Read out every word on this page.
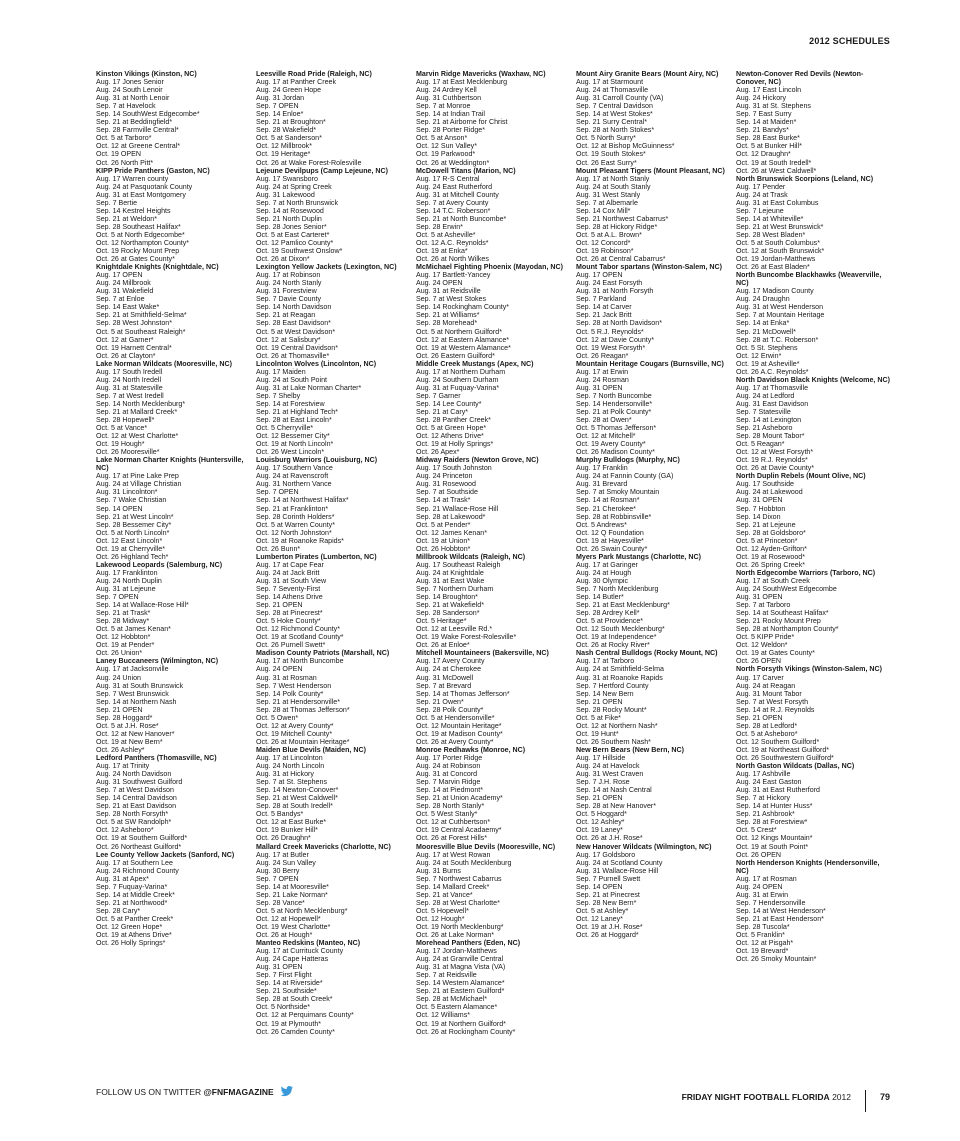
2012 SCHEDULES
Kinston Vikings (Kinston, NC)
Aug. 17 Jones Senior
Aug. 24 South Lenoir
Aug. 31 at North Lenoir
Sep. 7 at Havelock
Sep. 14 SouthWest Edgecombe*
Sep. 21 at Beddingfield*
Sep. 28 Farmville Central*
Oct. 5 at Tarboro*
Oct. 12 at Greene Central*
Oct. 19 OPEN
Oct. 26 North Pitt*
KIPP Pride Panthers (Gaston, NC)
Aug. 17 Warren county
Aug. 24 at Pasquotank County
Aug. 31 at East Montgomery
Sep. 7 Bertie
Sep. 14 Kestrel Heights
Sep. 21 at Weldon*
Sep. 28 Southeast Halifax*
Oct. 5 at North Edgecombe*
Oct. 12 Northampton County*
Oct. 19 Rocky Mount Prep
Oct. 26 at Gates County*
Knightdale Knights (Knightdale, NC)
Aug. 17 OPEN
Aug. 24 Millbrook
Aug. 31 Wakefield
Sep. 7 at Enloe
Sep. 14 East Wake*
Sep. 21 at Smithfield-Selma*
Sep. 28 West Johnston*
Oct. 5 at Southeast Raleigh*
Oct. 12 at Garner*
Oct. 19 Harnett Central*
Oct. 26 at Clayton*
Lake Norman Wildcats (Mooresville, NC)
Aug. 17 South Iredell
Aug. 24 North Iredell
Aug. 31 at Statesville
Sep. 7 at West Iredell
Sep. 14 North Mecklenburg*
Sep. 21 at Mallard Creek*
Sep. 28 Hopewell*
Oct. 5 at Vance*
Oct. 12 at West Charlotte*
Oct. 19 Hough*
Oct. 26 Mooresville*
Lake Norman Charter Knights (Huntersville, NC)
Aug. 17 at Pine Lake Prep
Aug. 24 at Village Christian
Aug. 31 Lincolnton*
Sep. 7 Wake Christian
Sep. 14 OPEN
Sep. 21 at West Lincoln*
Sep. 28 Bessemer City*
Oct. 5 at North Lincoln*
Oct. 12 East Lincoln*
Oct. 19 at Cherryville*
Oct. 26 Highland Tech*
Lakewood Leopards (Salemburg, NC)
Aug. 17 Franklinton
Aug. 24 North Duplin
Aug. 31 at Lejeune
Sep. 7 OPEN
Sep. 14 at Wallace-Rose Hill*
Sep. 21 at Trask*
Sep. 28 Midway*
Oct. 5 at James Kenan*
Oct. 12 Hobbton*
Oct. 19 at Pender*
Oct. 26 Union*
Laney Buccaneers (Wilmington, NC)
Aug. 17 at Jacksonville
Aug. 24 Union
Aug. 31 at South Brunswick
Sep. 7 West Brunswick
Sep. 14 at Northern Nash
Sep. 21 OPEN
Sep. 28 Hoggard*
Oct. 5 at J.H. Rose*
Oct. 12 at New Hanover*
Oct. 19 at New Bern*
Oct. 26 Ashley*
Ledford Panthers (Thomasville, NC)
Aug. 17 at Trinity
Aug. 24 North Davidson
Aug. 31 Southwest Guilford
Sep. 7 at West Davidson
Sep. 14 Central Davidson
Sep. 21 at East Davidson
Sep. 28 North Forsyth*
Oct. 5 at SW Randolph*
Oct. 12 Asheboro*
Oct. 19 at Southern Guilford*
Oct. 26 Northeast Guilford*
Lee County Yellow Jackets (Sanford, NC)
Aug. 17 at Southern Lee
Aug. 24 Richmond County
Aug. 31 at Apex*
Sep. 7 Fuquay-Varina*
Sep. 14 at Middle Creek*
Sep. 21 at Northwood*
Sep. 28 Cary*
Oct. 5 at Panther Creek*
Oct. 12 Green Hope*
Oct. 19 at Athens Drive*
Oct. 26 Holly Springs*
Leesville Road Pride (Raleigh, NC)
Aug. 17 at Panther Creek
Aug. 24 Green Hope
Aug. 31 Jordan
Sep. 7 OPEN
Sep. 14 Enloe*
Sep. 21 at Broughton*
Sep. 28 Wakefield*
Oct. 5 at Sanderson*
Oct. 12 Millbrook*
Oct. 19 Heritage*
Oct. 26 at Wake Forest-Rolesville
Lejeune Devilpups (Camp Lejeune, NC)
Aug. 17 Swansboro
Aug. 24 at Spring Creek
Aug. 31 Lakewood
Sep. 7 at North Brunswick
Sep. 14 at Rosewood
Sep. 21 North Duplin
Sep. 28 Jones Senior*
Oct. 5 at East Carteret*
Oct. 12 Pamlico County*
Oct. 19 Southwest Onslow*
Oct. 26 at Dixon*
Lexington Yellow Jackets (Lexington, NC)
Aug. 17 at Robinson
Aug. 24 North Stanly
Aug. 31 Forestview
Sep. 7 Davie County
Sep. 14 North Davidson
Sep. 21 at Reagan
Sep. 28 East Davidson*
Oct. 5 at West Davidson*
Oct. 12 at Salisbury*
Oct. 19 Central Davidson*
Oct. 26 at Thomasville*
Lincolnton Wolves (Lincolnton, NC)
Aug. 17 Maiden
Aug. 24 at South Point
Aug. 31 at Lake Norman Charter*
Sep. 7 Shelby
Sep. 14 at Forestview
Sep. 21 at Highland Tech*
Sep. 28 at East Lincoln*
Oct. 5 Cherryville*
Oct. 12 Bessemer City*
Oct. 19 at North Lincoln*
Oct. 26 West Lincoln*
Louisburg Warriors (Louisburg, NC)
Aug. 17 Southern Vance
Aug. 24 at Ravenscroft
Aug. 31 Northern Vance
Sep. 7 OPEN
Sep. 14 at Northwest Halifax*
Sep. 21 at Franklinton*
Sep. 28 Corinth Holders*
Oct. 5 at Warren County*
Oct. 12 North Johnston*
Oct. 19 at Roanoke Rapids*
Oct. 26 Bunn*
Lumberton Pirates (Lumberton, NC)
Aug. 17 at Cape Fear
Aug. 24 at Jack Britt
Aug. 31 at South View
Sep. 7 Seventy-First
Sep. 14 Athens Drive
Sep. 21 OPEN
Sep. 28 at Pinecrest*
Oct. 5 Hoke County*
Oct. 12 Richmond County*
Oct. 19 at Scotland County*
Oct. 26 Purnell Swett*
Madison County Patriots (Marshall, NC)
Aug. 17 at North Buncombe
Aug. 24 OPEN
Aug. 31 at Rosman
Sep. 7 West Henderson
Sep. 14 Polk County*
Sep. 21 at Hendersonville*
Sep. 28 at Thomas Jefferson*
Oct. 5 Owen*
Oct. 12 at Avery County*
Oct. 19 Mitchell County*
Oct. 26 at Mountain Heritage*
Maiden Blue Devils (Maiden, NC)
Aug. 17 at Lincolnton
Aug. 24 North Lincoln
Aug. 31 at Hickory
Sep. 7 at St. Stephens
Sep. 14 Newton-Conover*
Sep. 21 at West Caldwell*
Sep. 28 at South Iredell*
Oct. 5 Bandys*
Oct. 12 at East Burke*
Oct. 19 Bunker Hill*
Oct. 26 Draughn*
Mallard Creek Mavericks (Charlotte, NC)
Aug. 17 at Butler
Aug. 24 Sun Valley
Aug. 30 Berry
Sep. 7 OPEN
Sep. 14 at Mooresville*
Sep. 21 Lake Norman*
Sep. 28 Vance*
Oct. 5 at North Mecklenburg*
Oct. 12 at Hopewell*
Oct. 19 West Charlotte*
Oct. 26 at Hough*
Manteo Redskins (Manteo, NC)
Aug. 17 at Currituck County
Aug. 24 Cape Hatteras
Aug. 31 OPEN
Sep. 7 First Flight
Sep. 14 at Riverside*
Sep. 21 Southside*
Sep. 28 at South Creek*
Oct. 5 Northside*
Oct. 12 at Perquimans County*
Oct. 19 at Plymouth*
Oct. 26 Camden County*
Marvin Ridge Mavericks (Waxhaw, NC)
Aug. 17 at East Mecklenburg
Aug. 24 Ardrey Kell
Aug. 31 Cuthbertson
Sep. 7 at Monroe
Sep. 14 at Indian Trail
Sep. 21 at Airborne for Christ
Sep. 28 Porter Ridge*
Oct. 5 at Anson*
Oct. 12 Sun Valley*
Oct. 19 Parkwood*
Oct. 26 at Weddington*
McDowell Titans (Marion, NC)
Aug. 17 R-S Central
Aug. 24 East Rutherford
Aug. 31 at Mitchell County
Sep. 7 at Avery County
Sep. 14 T.C. Roberson*
Sep. 21 at North Buncombe*
Sep. 28 Erwin*
Oct. 5 at Asheville*
Oct. 12 A.C. Reynolds*
Oct. 19 at Enka*
Oct. 26 at North Wilkes
McMichael Fighting Phoenix (Mayodan, NC)
Aug. 17 Bartlett-Yancey
Aug. 24 OPEN
Aug. 31 at Reidsville
Sep. 7 at West Stokes
Sep. 14 Rockingham County*
Sep. 21 at Williams*
Sep. 28 Morehead*
Oct. 5 at Northern Guilford*
Oct. 12 at Eastern Alamance*
Oct. 19 at Western Alamance*
Oct. 26 Eastern Guilford*
Middle Creek Mustangs (Apex, NC)
Aug. 17 at Northern Durham
Aug. 24 Southern Durham
Aug. 31 at Fuquay-Varina*
Sep. 7 Garner
Sep. 14 Lee County*
Sep. 21 at Cary*
Sep. 28 Panther Creek*
Oct. 5 at Green Hope*
Oct. 12 Athens Drive*
Oct. 19 at Holly Springs*
Oct. 26 Apex*
Midway Raiders (Newton Grove, NC)
Aug. 17 South Johnston
Aug. 24 Princeton
Aug. 31 Rosewood
Sep. 7 at Southside
Sep. 14 at Trask*
Sep. 21 Wallace-Rose Hill
Sep. 28 at Lakewood*
Oct. 5 at Pender*
Oct. 12 James Kenan*
Oct. 19 at Union*
Oct. 26 Hobbton*
Millbrook Wildcats (Raleigh, NC)
Aug. 17 Southeast Raleigh
Aug. 24 at Knightdale
Aug. 31 at East Wake
Sep. 7 Northern Durham
Sep. 14 Broughton*
Sep. 21 at Wakefield*
Sep. 28 Sanderson*
Oct. 5 Heritage*
Oct. 12 at Leesville Rd.*
Oct. 19 Wake Forest-Rolesville*
Oct. 26 at Enloe*
Mitchell Mountaineers (Bakersville, NC)
Aug. 17 Avery County
Aug. 24 at Cherokee
Aug. 31 McDowell
Sep. 7 at Brevard
Sep. 14 at Thomas Jefferson*
Sep. 21 Owen*
Sep. 28 Polk County*
Oct. 5 at Hendersonville*
Oct. 12 Mountain Heritage*
Oct. 19 at Madison County*
Oct. 26 at Avery County*
Monroe Redhawks (Monroe, NC)
Aug. 17 Porter Ridge
Aug. 24 at Robinson
Aug. 31 at Concord
Sep. 7 Marvin Ridge
Sep. 14 at Piedmont*
Sep. 21 at Union Academy*
Sep. 28 North Stanly*
Oct. 5 West Stanly*
Oct. 12 at Cuthbertson*
Oct. 19 Central Acadaemy*
Oct. 26 at Forest Hills*
Mooresville Blue Devils (Mooresville, NC)
Aug. 17 at West Rowan
Aug. 24 at South Mecklenburg
Aug. 31 Burns
Sep. 7 Northwest Cabarrus
Sep. 14 Mallard Creek*
Sep. 21 at Vance*
Sep. 28 at West Charlotte*
Oct. 5 Hopewell*
Oct. 12 Hough*
Oct. 19 North Mecklenburg*
Oct. 26 at Lake Norman*
Morehead Panthers (Eden, NC)
Aug. 17 Jordan-Matthews
Aug. 24 at Granville Central
Aug. 31 at Magna Vista (VA)
Sep. 7 at Reidsville
Sep. 14 Western Alamance*
Sep. 21 at Eastern Guilford*
Sep. 28 at McMichael*
Oct. 5 Eastern Alamance*
Oct. 12 Williams*
Oct. 19 at Northern Guilford*
Oct. 26 at Rockingham County*
Mount Airy Granite Bears (Mount Airy, NC)
Aug. 17 at Starmount
Aug. 24 at Thomasville
Aug. 31 Carroll County (VA)
Sep. 7 Central Davidson
Sep. 14 at West Stokes*
Sep. 21 Surry Central*
Sep. 28 at North Stokes*
Oct. 5 North Surry*
Oct. 12 at Bishop McGuinness*
Oct. 19 South Stokes*
Oct. 26 East Surry*
Mount Pleasant Tigers (Mount Pleasant, NC)
Aug. 17 at North Stanly
Aug. 24 at South Stanly
Aug. 31 West Stanly
Sep. 7 at Albemarle
Sep. 14 Cox Mill*
Sep. 21 Northwest Cabarrus*
Sep. 28 at Hickory Ridge*
Oct. 5 at A.L. Brown*
Oct. 12 Concord*
Oct. 19 Robinson*
Oct. 26 at Central Cabarrus*
Mount Tabor spartans (Winston-Salem, NC)
Aug. 17 OPEN
Aug. 24 East Forsyth
Aug. 31 at North Forsyth
Sep. 7 Parkland
Sep. 14 at Carver
Sep. 21 Jack Britt
Sep. 28 at North Davidson*
Oct. 5 R.J. Reynolds*
Oct. 12 at Davie County*
Oct. 19 West Forsyth*
Oct. 26 Reagan*
Mountain Heritage Cougars (Burnsville, NC)
Aug. 17 at Erwin
Aug. 24 Rosman
Aug. 31 OPEN
Sep. 7 North Buncombe
Sep. 14 Hendersonville*
Sep. 21 at Polk County*
Sep. 28 at Owen*
Oct. 5 Thomas Jefferson*
Oct. 12 at Mitchell*
Oct. 19 Avery County*
Oct. 26 Madison County*
Murphy Bulldogs (Murphy, NC)
Aug. 17 Franklin
Aug. 24 at Fannin County (GA)
Aug. 31 Brevard
Sep. 7 at Smoky Mountain
Sep. 14 at Rosman*
Sep. 21 Cherokee*
Sep. 28 at Robbinsville*
Oct. 5 Andrews*
Oct. 12 Q Foundation
Oct. 19 at Hayesville*
Oct. 26 Swain County*
Myers Park Mustangs (Charlotte, NC)
Aug. 17 at Garinger
Aug. 24 at Hough
Aug. 30 Olympic
Sep. 7 North Mecklenburg
Sep. 14 Butler*
Sep. 21 at East Mecklenburg*
Sep. 28 Ardrey Kell*
Oct. 5 at Providence*
Oct. 12 South Mecklenburg*
Oct. 19 at Independence*
Oct. 26 at Rocky River*
Nash Central Bulldogs (Rocky Mount, NC)
Aug. 17 at Tarboro
Aug. 24 at Smithfield-Selma
Aug. 31 at Roanoke Rapids
Sep. 7 Hertford County
Sep. 14 New Bern
Sep. 21 OPEN
Sep. 28 Rocky Mount*
Oct. 5 at Fike*
Oct. 12 at Northern Nash*
Oct. 19 Hunt*
Oct. 26 Southern Nash*
New Bern Bears (New Bern, NC)
Aug. 17 Hillside
Aug. 24 at Havelock
Aug. 31 West Craven
Sep. 7 J.H. Rose
Sep. 14 at Nash Central
Sep. 21 OPEN
Sep. 28 at New Hanover*
Oct. 5 Hoggard*
Oct. 12 Ashley*
Oct. 19 Laney*
Oct. 26 at J.H. Rose*
New Hanover Wildcats (Wilmington, NC)
Aug. 17 Goldsboro
Aug. 24 at Scotland County
Aug. 31 Wallace-Rose Hill
Sep. 7 Purnell Swett
Sep. 14 OPEN
Sep. 21 at Pinecrest
Sep. 28 New Bern*
Oct. 5 at Ashley*
Oct. 12 Laney*
Oct. 19 at J.H. Rose*
Oct. 26 at Hoggard*
Newton-Conover Red Devils (Newton-Conover, NC)
Aug. 17 East Lincoln
Aug. 24 Hickory
Aug. 31 at St. Stephens
Sep. 7 East Surry
Sep. 14 at Maiden*
Sep. 21 Bandys*
Sep. 28 East Burke*
Oct. 5 at Bunker Hill*
Oct. 12 Draughn*
Oct. 19 at South Iredell*
Oct. 26 at West Caldwell*
North Brunswick Scorpions (Leland, NC)
Aug. 17 Pender
Aug. 24 at Trask
Aug. 31 at East Columbus
Sep. 7 Lejeune
Sep. 14 at Whiteville*
Sep. 21 at West Brunswick*
Sep. 28 West Bladen*
Oct. 5 at South Columbus*
Oct. 12 at South Brunswick*
Oct. 19 Jordan-Matthews
Oct. 26 at East Bladen*
North Buncombe Blackhawks (Weaverville, NC)
Aug. 17 Madison County
Aug. 24 Draughn
Aug. 31 at West Henderson
Sep. 7 at Mountain Heritage
Sep. 14 at Enka*
Sep. 21 McDowell*
Sep. 28 at T.C. Roberson*
Oct. 5 St. Stephens
Oct. 12 Erwin*
Oct. 19 at Asheville*
Oct. 26 A.C. Reynolds*
North Davidson Black Knights (Welcome, NC)
Aug. 17 at Thomasville
Aug. 24 at Ledford
Aug. 31 East Davidson
Sep. 7 Statesville
Sep. 14 at Lexington
Sep. 21 Asheboro
Sep. 28 Mount Tabor*
Oct. 5 Reagan*
Oct. 12 at West Forsyth*
Oct. 19 R.J. Reynolds*
Oct. 26 at Davie County*
North Duplin Rebels (Mount Olive, NC)
Aug. 17 Southside
Aug. 24 at Lakewood
Aug. 31 OPEN
Sep. 7 Hobbton
Sep. 14 Dixon
Sep. 21 at Lejeune
Sep. 28 at Goldsboro*
Oct. 5 at Princeton*
Oct. 12 Ayden-Grifton*
Oct. 19 at Rosewood*
Oct. 26 Spring Creek*
North Edgecombe Warriors (Tarboro, NC)
Aug. 17 at South Creek
Aug. 24 SouthWest Edgecombe
Aug. 31 OPEN
Sep. 7 at Tarboro
Sep. 14 at Southeast Halifax*
Sep. 21 Rocky Mount Prep
Sep. 28 at Northampton County*
Oct. 5 KIPP Pride*
Oct. 12 Weldon*
Oct. 19 at Gates County*
Oct. 26 OPEN
North Forsyth Vikings (Winston-Salem, NC)
Aug. 17 Carver
Aug. 24 at Reagan
Aug. 31 Mount Tabor
Sep. 7 at West Forsyth
Sep. 14 at R.J. Reynolds
Sep. 21 OPEN
Sep. 28 at Ledford*
Oct. 5 at Asheboro*
Oct. 12 Southern Guilford*
Oct. 19 at Northeast Guilford*
Oct. 26 Southwestern Guilford*
North Gaston Wildcats (Dallas, NC)
Aug. 17 Ashbville
Aug. 24 East Gaston
Aug. 31 at East Rutherford
Sep. 7 at Hickory
Sep. 14 at Hunter Huss*
Sep. 21 Ashbrook*
Sep. 28 at Forestview*
Oct. 5 Crest*
Oct. 12 Kings Mountain*
Oct. 19 at South Point*
Oct. 26 OPEN
North Henderson Knights (Hendersonville, NC)
Aug. 17 at Rosman
Aug. 24 OPEN
Aug. 31 at Erwin
Sep. 7 Hendersonville
Sep. 14 at West Henderson*
Sep. 21 at East Henderson*
Sep. 28 Tuscola*
Oct. 5 Franklin*
Oct. 12 at Pisgah*
Oct. 19 Brevard*
Oct. 26 Smoky Mountain*
FOLLOW US ON TWITTER @FNFMAGAZINE
FRIDAY NIGHT FOOTBALL FLORIDA 2012	79
